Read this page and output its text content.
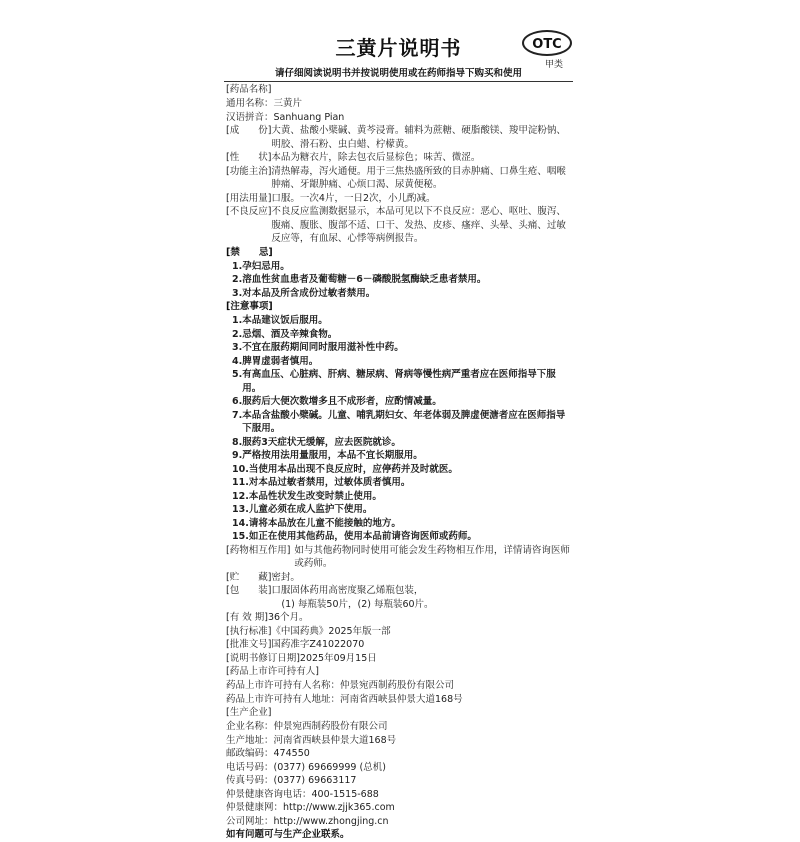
三黄片说明书	OTC
甲类
请仔细阅读说明书并按说明使用或在药师指导下购买和使用
[药品名称]
通用名称：三黄片
汉语拼音：Sanhuang Pian
[成　　份] 大黄、盐酸小檗碱、黄芩浸膏。辅料为蔗糖、硬脂酸镁、羧甲淀粉钠、明胶、滑石粉、虫白蜡、柠檬黄。
[性　　状] 本品为糖衣片，除去包衣后显棕色；味苦、微涩。
[功能主治] 清热解毒，泻火通便。用于三焦热盛所致的目赤肿痛、口鼻生疮、咽喉肿痛、牙龈肿痛、心烦口渴、尿黄便秘。
[用法用量] 口服。一次4片，一日2次，小儿酌减。
[不良反应] 不良反应监测数据显示，本品可见以下不良反应：恶心、呕吐、腹泻、腹痛、腹胀、腹部不适、口干、发热、皮疹、瘙痒、头晕、头痛、过敏反应等，有血尿、心悸等病例报告。
[禁　　忌]
1.孕妇忌用。
2.溶血性贫血患者及葡萄糖－6－磷酸脱氢酶缺乏患者禁用。
3.对本品及所含成份过敏者禁用。
[注意事项]
1. 本品建议饭后服用。
2. 忌烟、酒及辛辣食物。
3. 不宜在服药期间同时服用滋补性中药。
4. 脾胃虚弱者慎用。
5. 有高血压、心脏病、肝病、糖尿病、肾病等慢性病严重者应在医师指导下服用。
6. 服药后大便次数增多且不成形者，应酌情减量。
7. 本品含盐酸小檗碱。儿童、哺乳期妇女、年老体弱及脾虚便溏者应在医师指导下服用。
8. 服药3天症状无缓解，应去医院就诊。
9. 严格按用法用量服用，本品不宜长期服用。
10. 当使用本品出现不良反应时，应停药并及时就医。
11. 对本品过敏者禁用，过敏体质者慎用。
12. 本品性状发生改变时禁止使用。
13. 儿童必须在成人监护下使用。
14. 请将本品放在儿童不能接触的地方。
15. 如正在使用其他药品，使用本品前请咨询医师或药师。
[药物相互作用] 如与其他药物同时使用可能会发生药物相互作用，详情请咨询医师或药师。
[贮　　藏] 密封。
[包　　装] 口服固体药用高密度聚乙烯瓶包装，
(1) 每瓶装50片，(2) 每瓶装60片。
[有 效 期]36个月。
[执行标准]《中国药典》2025年版一部
[批准文号]国药准字Z41022070
[说明书修订日期]2025年09月15日
[药品上市许可持有人]
药品上市许可持有人名称：仲景宛西制药股份有限公司
药品上市许可持有人地址：河南省西峡县仲景大道168号
[生产企业]
企业名称：仲景宛西制药股份有限公司
生产地址：河南省西峡县仲景大道168号
邮政编码：474550
电话号码：(0377) 69669999 (总机)
传真号码：(0377) 69663117
仲景健康咨询电话：400-1515-688
仲景健康网：http://www.zjjk365.com
公司网址：http://www.zhongjing.cn
如有问题可与生产企业联系。
